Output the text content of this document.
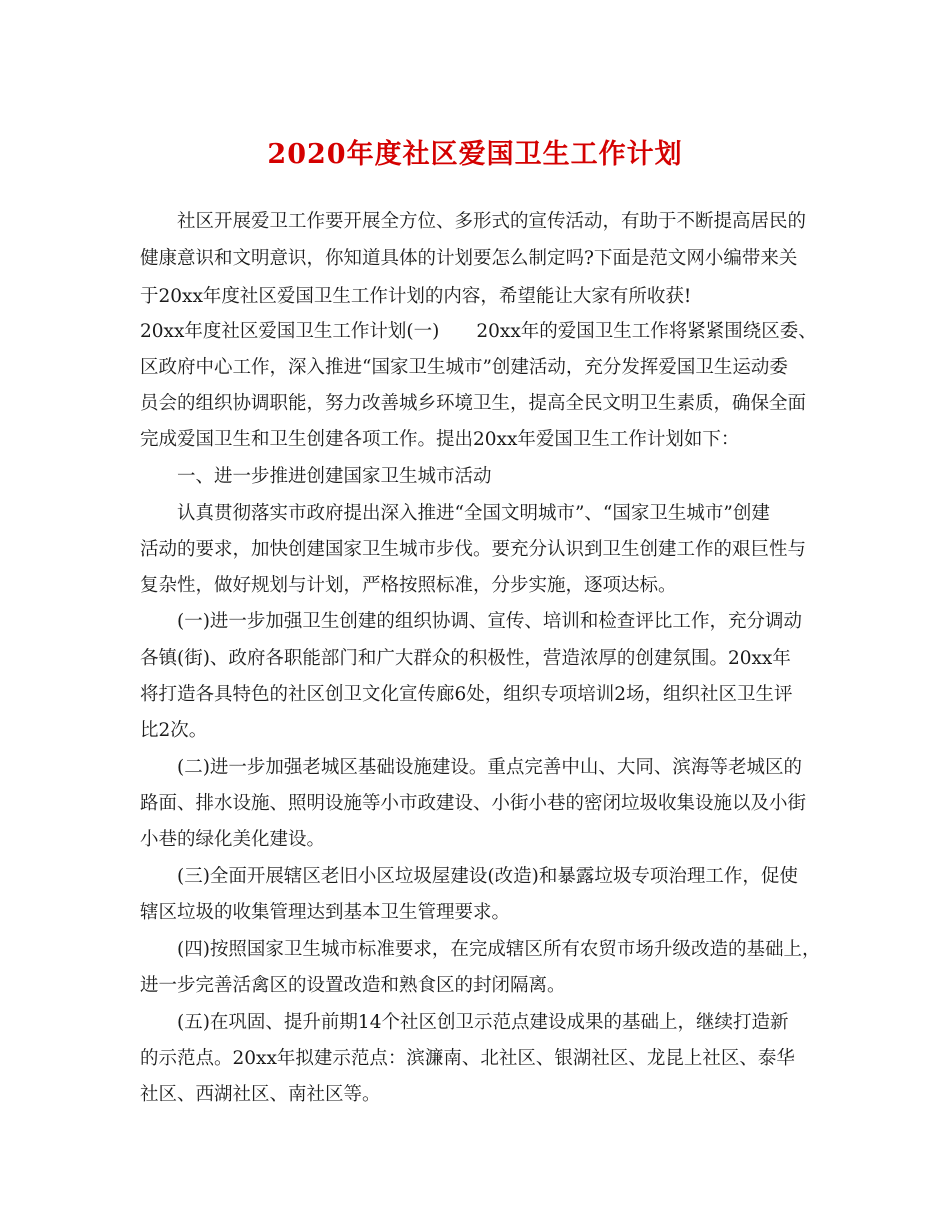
2020年度社区爱国卫生工作计划
社区开展爱卫工作要开展全方位、多形式的宣传活动，有助于不断提高居民的
健康意识和文明意识，你知道具体的计划要怎么制定吗?下面是范文网小编带来关
于20xx年度社区爱国卫生工作计划的内容，希望能让大家有所收获!
20xx年度社区爱国卫生工作计划(一)　　20xx年的爱国卫生工作将紧紧围绕区委、
区政府中心工作，深入推进“国家卫生城市”创建活动，充分发挥爱国卫生运动委
员会的组织协调职能，努力改善城乡环境卫生，提高全民文明卫生素质，确保全面
完成爱国卫生和卫生创建各项工作。提出20xx年爱国卫生工作计划如下：
一、进一步推进创建国家卫生城市活动
认真贯彻落实市政府提出深入推进“全国文明城市”、“国家卫生城市”创建
活动的要求，加快创建国家卫生城市步伐。要充分认识到卫生创建工作的艰巨性与
复杂性，做好规划与计划，严格按照标准，分步实施，逐项达标。
(一)进一步加强卫生创建的组织协调、宣传、培训和检查评比工作，充分调动
各镇(街)、政府各职能部门和广大群众的积极性，营造浓厚的创建氛围。20xx年
将打造各具特色的社区创卫文化宣传廊6处，组织专项培训2场，组织社区卫生评
比2次。
(二)进一步加强老城区基础设施建设。重点完善中山、大同、滨海等老城区的
路面、排水设施、照明设施等小市政建设、小街小巷的密闭垃圾收集设施以及小街
小巷的绿化美化建设。
(三)全面开展辖区老旧小区垃圾屋建设(改造)和暴露垃圾专项治理工作，促使
辖区垃圾的收集管理达到基本卫生管理要求。
(四)按照国家卫生城市标准要求，在完成辖区所有农贸市场升级改造的基础上，
进一步完善活禽区的设置改造和熟食区的封闭隔离。
(五)在巩固、提升前期14个社区创卫示范点建设成果的基础上，继续打造新
的示范点。20xx年拟建示范点：滨濂南、北社区、银湖社区、龙昆上社区、泰华
社区、西湖社区、南社区等。
